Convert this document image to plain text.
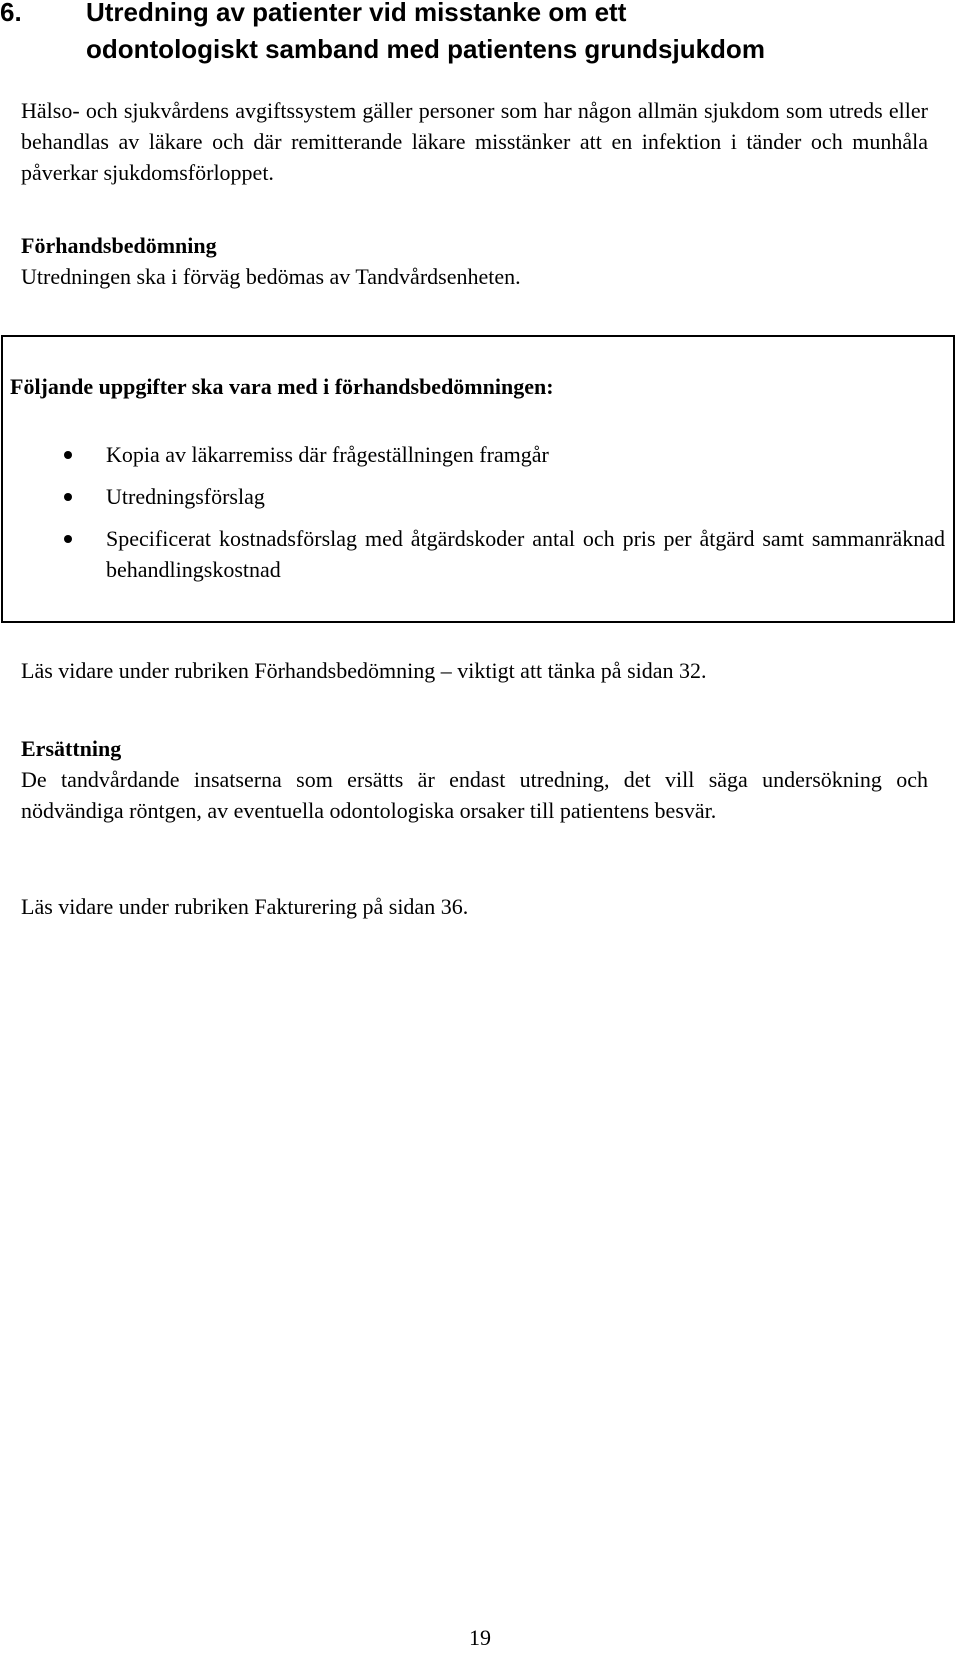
6. Utredning av patienter vid misstanke om ett
odontologiskt samband med patientens grundsjukdom

Hälso- och sjukvårdens avgiftssystem gäller personer som har någon allmän sjukdom som utreds eller behandlas av läkare och där remitterande läkare misstänker att en infektion i tänder och munhåla påverkar sjukdomsförloppet.

Förhandsbedömning

Utredningen ska i förväg bedömas av Tandvårdsenheten.

Följande uppgifter ska vara med i förhandsbedömningen:

Kopia av läkarremiss där frågeställningen framgår
Utredningsförslag
Specificerat kostnadsförslag med åtgärdskoder antal och pris per åtgärd samt sammanräknad behandlingskostnad

Läs vidare under rubriken Förhandsbedömning – viktigt att tänka på sidan 32.

Ersättning

De tandvårdande insatserna som ersätts är endast utredning, det vill säga undersökning och nödvändiga röntgen, av eventuella odontologiska orsaker till patientens besvär.

Läs vidare under rubriken Fakturering på sidan 36.

19
